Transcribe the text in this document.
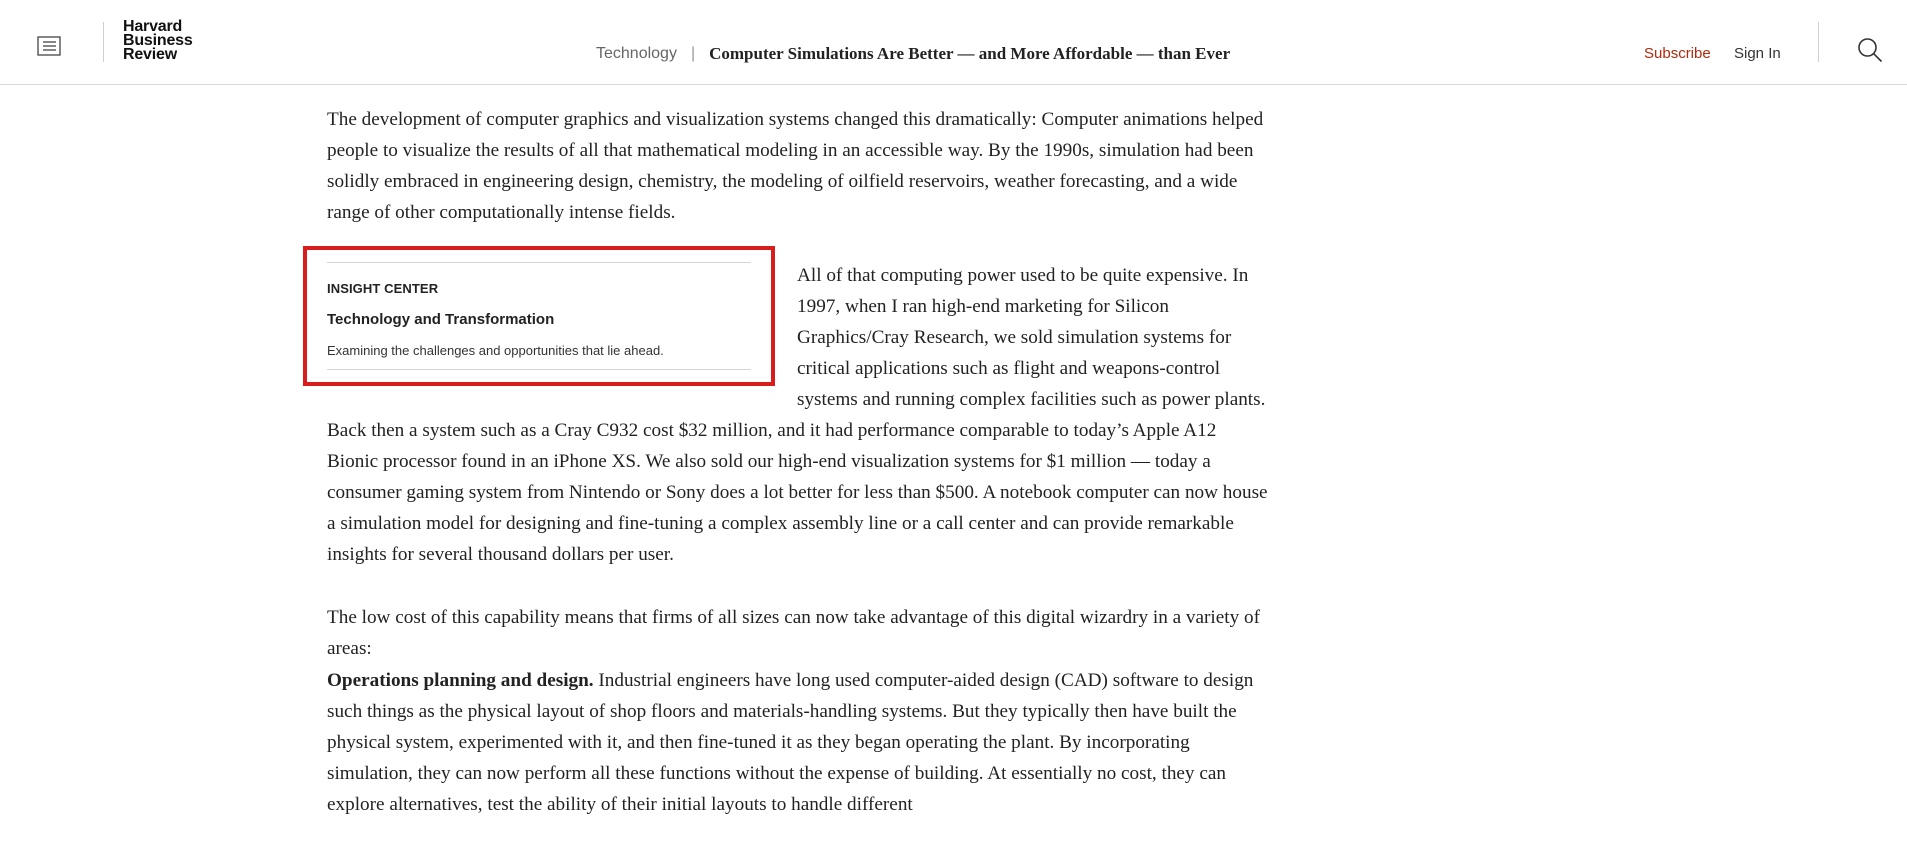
Harvard
Business
Review	Technology | Computer Simulations Are Better — and More Affordable — than Ever	Subscribe Sign In

The development of computer graphics and visualization systems changed this dramatically: Computer animations helped people to visualize the results of all that mathematical modeling in an accessible way. By the 1990s, simulation had been solidly embraced in engineering design, chemistry, the modeling of oilfield reservoirs, weather forecasting, and a wide range of other computationally intense fields.

INSIGHT CENTER
Technology and Transformation
Examining the challenges and opportunities that lie ahead.

All of that computing power used to be quite expensive. In 1997, when I ran high-end marketing for Silicon Graphics/Cray Research, we sold simulation systems for critical applications such as flight and weapons-control systems and running complex facilities such as power plants. Back then a system such as a Cray C932 cost $32 million, and it had performance comparable to today’s Apple A12 Bionic processor found in an iPhone XS. We also sold our high-end visualization systems for $1 million — today a consumer gaming system from Nintendo or Sony does a lot better for less than $500. A notebook computer can now house a simulation model for designing and fine-tuning a complex assembly line or a call center and can provide remarkable insights for several thousand dollars per user.

The low cost of this capability means that firms of all sizes can now take advantage of this digital wizardry in a variety of areas:

Operations planning and design. Industrial engineers have long used computer-aided design (CAD) software to design such things as the physical layout of shop floors and materials-handling systems. But they typically then have built the physical system, experimented with it, and then fine-tuned it as they began operating the plant. By incorporating simulation, they can now perform all these functions without the expense of building. At essentially no cost, they can explore alternatives, test the ability of their initial layouts to handle different
